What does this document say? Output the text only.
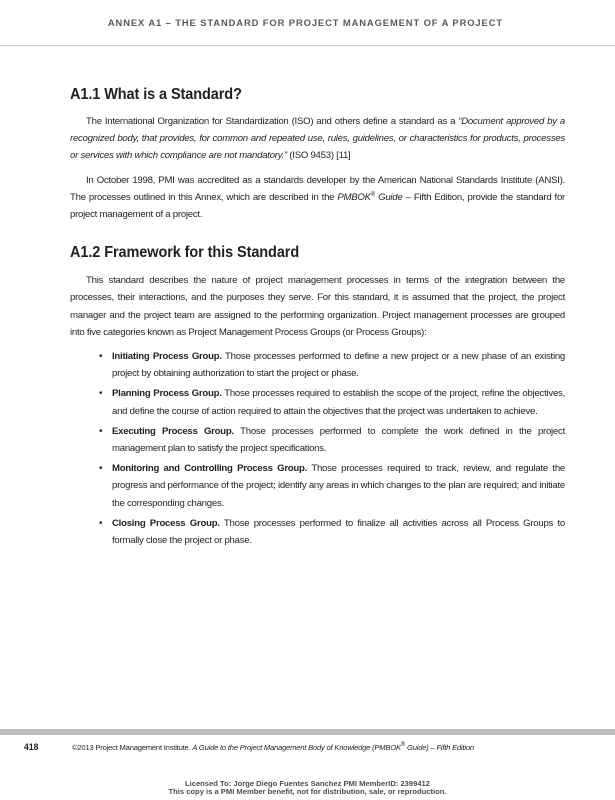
ANNEX A1 – THE STANDARD FOR PROJECT MANAGEMENT OF A PROJECT
A1.1 What is a Standard?

The International Organization for Standardization (ISO) and others define a standard as a “Document approved by a recognized body, that provides, for common and repeated use, rules, guidelines, or characteristics for products, processes or services with which compliance are not mandatory.” (ISO 9453) [11]

In October 1998, PMI was accredited as a standards developer by the American National Standards Institute (ANSI). The processes outlined in this Annex, which are described in the PMBOK® Guide – Fifth Edition, provide the standard for project management of a project.

A1.2 Framework for this Standard

This standard describes the nature of project management processes in terms of the integration between the processes, their interactions, and the purposes they serve. For this standard, it is assumed that the project, the project manager and the project team are assigned to the performing organization. Project management processes are grouped into five categories known as Project Management Process Groups (or Process Groups):

• Initiating Process Group. Those processes performed to define a new project or a new phase of an existing project by obtaining authorization to start the project or phase.
• Planning Process Group. Those processes required to establish the scope of the project, refine the objectives, and define the course of action required to attain the objectives that the project was undertaken to achieve.
• Executing Process Group. Those processes performed to complete the work defined in the project management plan to satisfy the project specifications.
• Monitoring and Controlling Process Group. Those processes required to track, review, and regulate the progress and performance of the project; identify any areas in which changes to the plan are required; and initiate the corresponding changes.
• Closing Process Group. Those processes performed to finalize all activities across all Process Groups to formally close the project or phase.
418	©2013 Project Management Institute. A Guide to the Project Management Body of Knowledge (PMBOK® Guide) – Fifth Edition
Licensed To: Jorge Diego Fuentes Sanchez PMI MemberID: 2399412
This copy is a PMI Member benefit, not for distribution, sale, or reproduction.
